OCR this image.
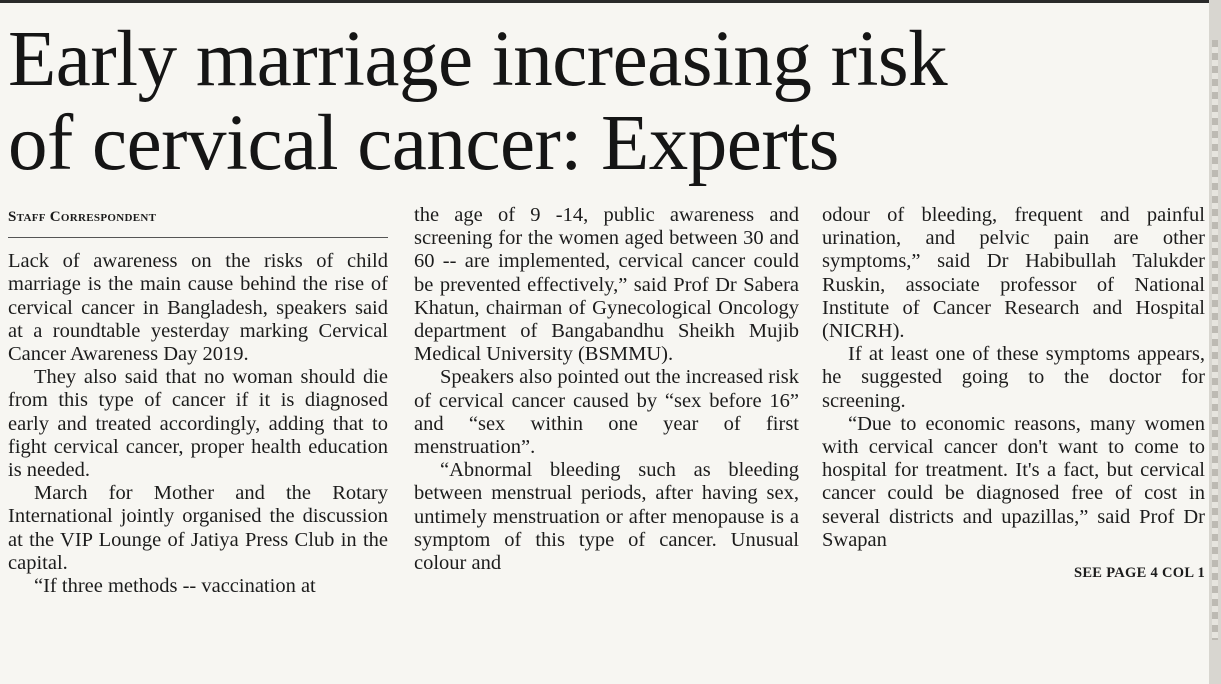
Early marriage increasing risk
of cervical cancer: Experts
Staff Correspondent

Lack of awareness on the risks of child marriage is the main cause behind the rise of cervical cancer in Bangladesh, speakers said at a roundtable yesterday marking Cervical Cancer Awareness Day 2019.

They also said that no woman should die from this type of cancer if it is diagnosed early and treated accordingly, adding that to fight cervical cancer, proper health education is needed.

March for Mother and the Rotary International jointly organised the discussion at the VIP Lounge of Jatiya Press Club in the capital.

“If three methods -- vaccination at

the age of 9 -14, public awareness and screening for the women aged between 30 and 60 -- are implemented, cervical cancer could be prevented effectively,” said Prof Dr Sabera Khatun, chairman of Gynecological Oncology department of Bangabandhu Sheikh Mujib Medical University (BSMMU).

Speakers also pointed out the increased risk of cervical cancer caused by “sex before 16” and “sex within one year of first menstruation”.

“Abnormal bleeding such as bleeding between menstrual periods, after having sex, untimely menstruation or after menopause is a symptom of this type of cancer. Unusual colour and

odour of bleeding, frequent and painful urination, and pelvic pain are other symptoms,” said Dr Habibullah Talukder Ruskin, associate professor of National Institute of Cancer Research and Hospital (NICRH).

If at least one of these symptoms appears, he suggested going to the doctor for screening.

“Due to economic reasons, many women with cervical cancer don't want to come to hospital for treatment. It's a fact, but cervical cancer could be diagnosed free of cost in several districts and upazillas,” said Prof Dr Swapan

SEE PAGE 4 COL 1
